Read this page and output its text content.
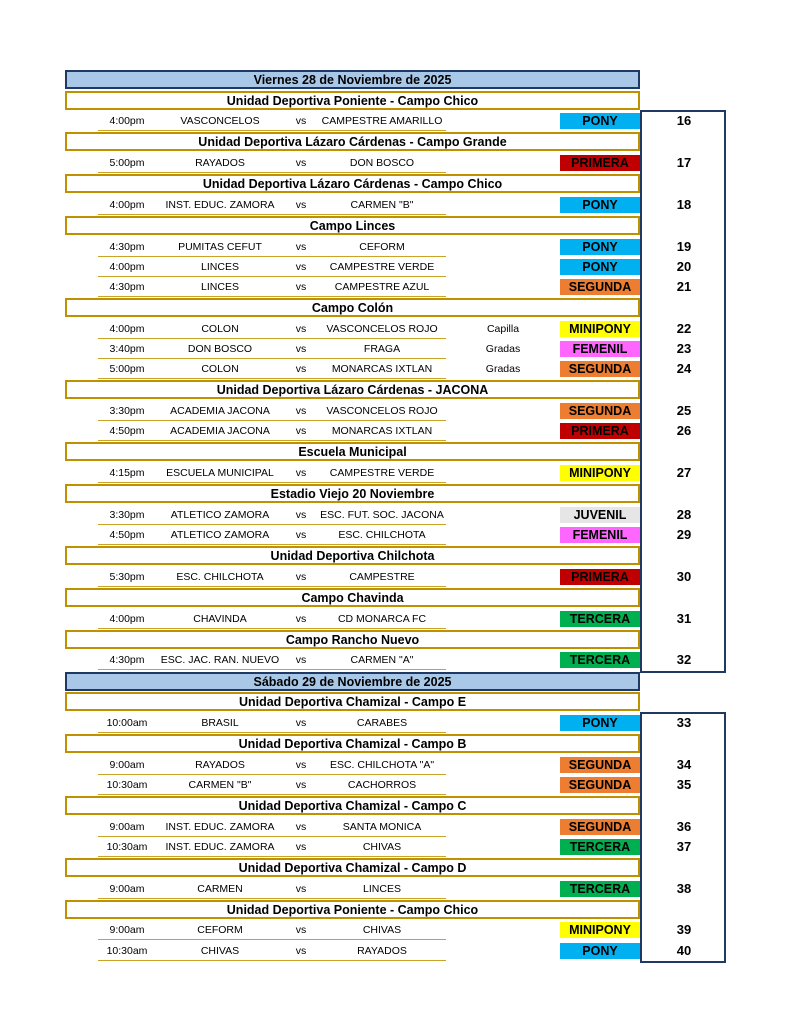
Viernes 28 de Noviembre de 2025
Unidad Deportiva Poniente - Campo Chico
4:00pm	VASCONCELOS	vs	CAMPESTRE AMARILLO	PONY	16
Unidad Deportiva Lázaro Cárdenas - Campo Grande
5:00pm	RAYADOS	vs	DON BOSCO	PRIMERA	17
Unidad Deportiva Lázaro Cárdenas - Campo Chico
4:00pm	INST. EDUC. ZAMORA	vs	CARMEN "B"	PONY	18
Campo Linces
4:30pm	PUMITAS CEFUT	vs	CEFORM	PONY	19
4:00pm	LINCES	vs	CAMPESTRE VERDE	PONY	20
4:30pm	LINCES	vs	CAMPESTRE AZUL	SEGUNDA	21
Campo Colón
4:00pm	COLON	vs	VASCONCELOS ROJO	Capilla	MINIPONY	22
3:40pm	DON BOSCO	vs	FRAGA	Gradas	FEMENIL	23
5:00pm	COLON	vs	MONARCAS IXTLAN	Gradas	SEGUNDA	24
Unidad Deportiva Lázaro Cárdenas - JACONA
3:30pm	ACADEMIA JACONA	vs	VASCONCELOS ROJO	SEGUNDA	25
4:50pm	ACADEMIA JACONA	vs	MONARCAS IXTLAN	PRIMERA	26
Escuela Municipal
4:15pm	ESCUELA MUNICIPAL	vs	CAMPESTRE VERDE	MINIPONY	27
Estadio Viejo 20 Noviembre
3:30pm	ATLETICO ZAMORA	vs	ESC. FUT. SOC. JACONA	JUVENIL	28
4:50pm	ATLETICO ZAMORA	vs	ESC. CHILCHOTA	FEMENIL	29
Unidad Deportiva Chilchota
5:30pm	ESC. CHILCHOTA	vs	CAMPESTRE	PRIMERA	30
Campo Chavinda
4:00pm	CHAVINDA	vs	CD MONARCA FC	TERCERA	31
Campo Rancho Nuevo
4:30pm	ESC. JAC. RAN. NUEVO	vs	CARMEN "A"	TERCERA	32
Sábado 29 de Noviembre de 2025
Unidad Deportiva Chamizal - Campo E
10:00am	BRASIL	vs	CARABES	PONY	33
Unidad Deportiva Chamizal - Campo B
9:00am	RAYADOS	vs	ESC. CHILCHOTA "A"	SEGUNDA	34
10:30am	CARMEN "B"	vs	CACHORROS	SEGUNDA	35
Unidad Deportiva Chamizal - Campo C
9:00am	INST. EDUC. ZAMORA	vs	SANTA MONICA	SEGUNDA	36
10:30am	INST. EDUC. ZAMORA	vs	CHIVAS	TERCERA	37
Unidad Deportiva Chamizal - Campo D
9:00am	CARMEN	vs	LINCES	TERCERA	38
Unidad Deportiva Poniente - Campo Chico
9:00am	CEFORM	vs	CHIVAS	MINIPONY	39
10:30am	CHIVAS	vs	RAYADOS	PONY	40
